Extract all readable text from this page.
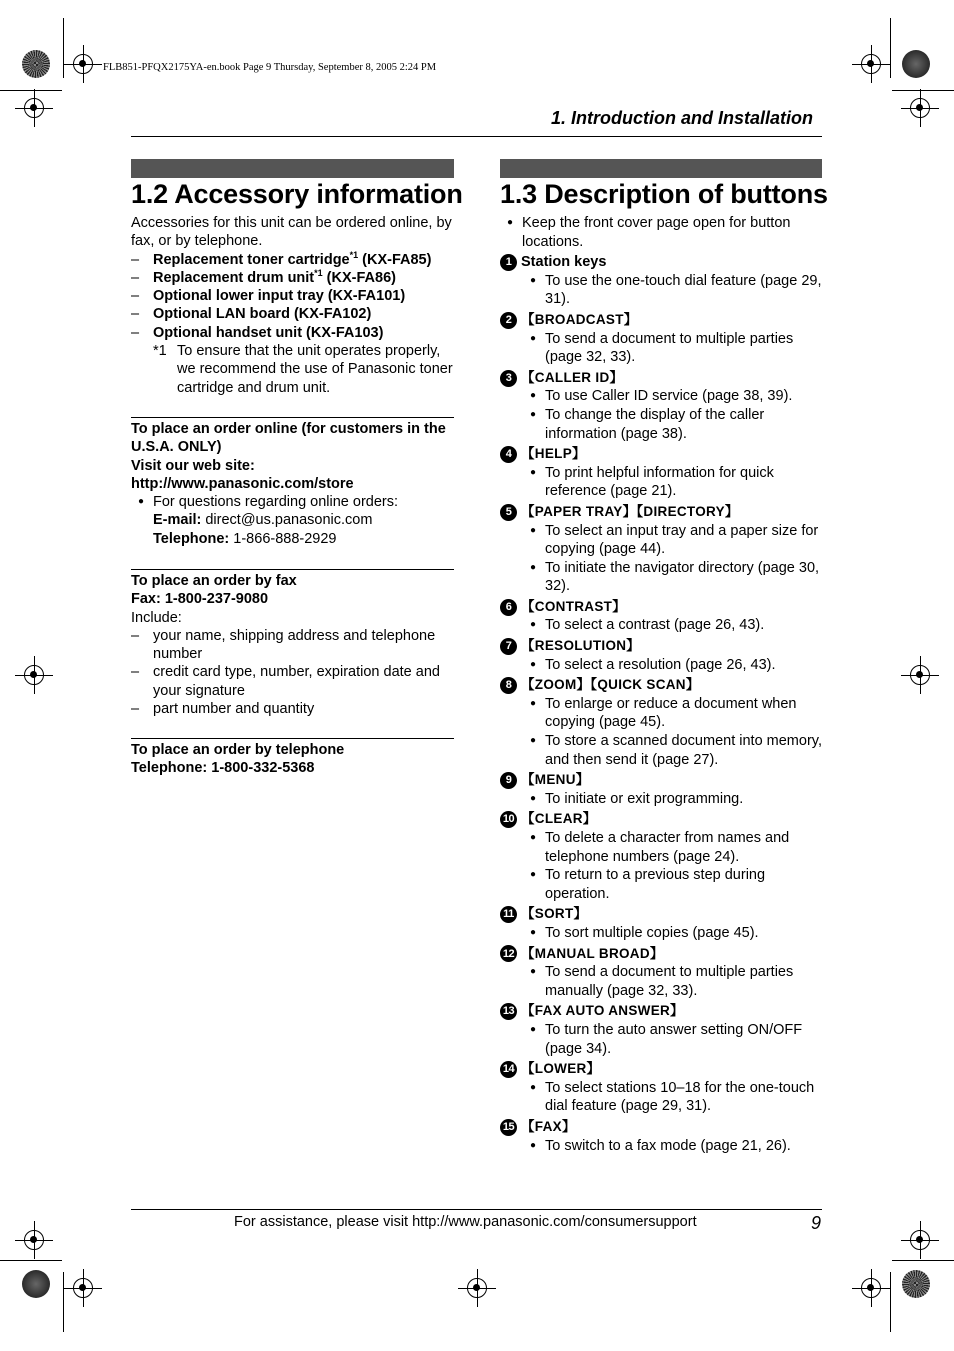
FLB851-PFQX2175YA-en.book Page 9 Thursday, September 8, 2005 2:24 PM
1. Introduction and Installation
1.2 Accessory information

Accessories for this unit can be ordered online, by fax, or by telephone.

– Replacement toner cartridge$^{*1}$ (KX-FA85)
– Replacement drum unit$^{*1}$ (KX-FA86)
– Optional lower input tray (KX-FA101)
– Optional LAN board (KX-FA102)
– Optional handset unit (KX-FA103)
*1 To ensure that the unit operates properly, we recommend the use of Panasonic toner cartridge and drum unit.

To place an order online (for customers in the U.S.A. ONLY)

Visit our web site:

http://www.panasonic.com/store

● For questions regarding online orders:

E-mail: direct@us.panasonic.com

Telephone: 1-866-888-2929

To place an order by fax

Fax: 1-800-237-9080

Include:

– your name, shipping address and telephone number
– credit card type, number, expiration date and your signature
– part number and quantity

To place an order by telephone

Telephone: 1-800-332-5368

1.3 Description of buttons
● Keep the front cover page open for button locations.
1 Station keys
● To use the one-touch dial feature (page 29, 31).
2 【BROADCAST】
● To send a document to multiple parties (page 32, 33).
3 【CALLER ID】
● To use Caller ID service (page 38, 39).
● To change the display of the caller information (page 38).
4 【HELP】
● To print helpful information for quick reference (page 21).
5 【PAPER TRAY】【DIRECTORY】
● To select an input tray and a paper size for copying (page 44).
● To initiate the navigator directory (page 30, 32).
6 【CONTRAST】
● To select a contrast (page 26, 43).
7 【RESOLUTION】
● To select a resolution (page 26, 43).
8 【ZOOM】【QUICK SCAN】
● To enlarge or reduce a document when copying (page 45).
● To store a scanned document into memory, and then send it (page 27).
9 【MENU】
● To initiate or exit programming.
10 【CLEAR】
● To delete a character from names and telephone numbers (page 24).
● To return to a previous step during operation.
11 【SORT】
● To sort multiple copies (page 45).
12 【MANUAL BROAD】
● To send a document to multiple parties manually (page 32, 33).
13 【FAX AUTO ANSWER】
● To turn the auto answer setting ON/OFF (page 34).
14 【LOWER】
● To select stations 10–18 for the one-touch dial feature (page 29, 31).
15 【FAX】
● To switch to a fax mode (page 21, 26).
For assistance, please visit http://www.panasonic.com/consumersupport	9
